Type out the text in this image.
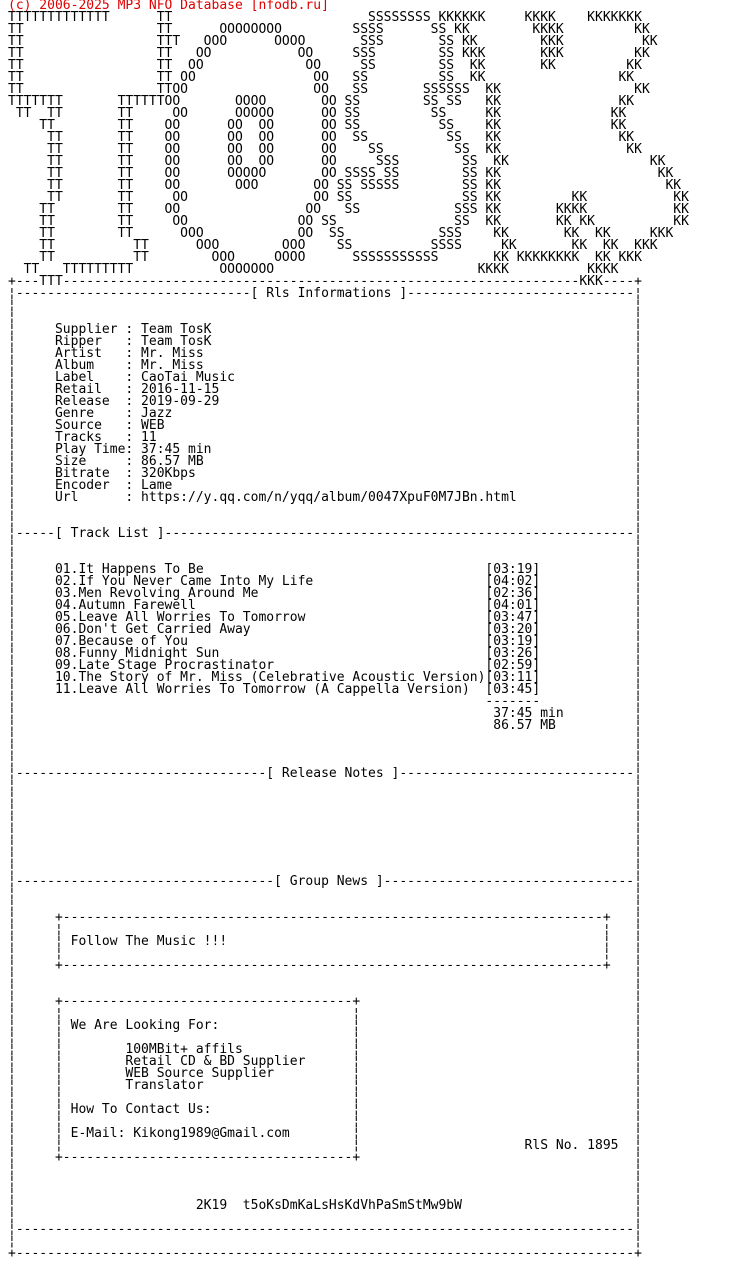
(c) 2006-2025 MP3 NFO Database [nfodb.ru]
TTTTTTTTTTTTT      TT                         SSSSSSSS KKKKKK     KKKK    KKKKKKK
TT                 TT      OOOOOOOO         SSSS      SS KK        KKKK         KK
TT                 TTT   OOO      OOOO       SSS       SS KK        KKK          KK
TT                 TT   OO           OO     SSS        SS KKK       KKK         KK
TT                 TT  OO             OO     SS        SS  KK       KK         KK
TT                 TT OO               OO   SS         SS  KK                 KK
TT                 TTOO                OO   SS       SSSSSS  KK                 KK
TTTTTTT       TTTTTTOO       OOOO       OO SS        SS SS   KK               KK
TT  TT       TT     OO      OOOOO      OO SS         SS     KK              KK
TT        TT    OO      OO  OO      OO SS          SS    KK              KK
TT       TT    OO      OO  OO      OO  SS          SS   KK               KK
TT       TT    OO      OO  OO      OO    SS         SS  KK                KK
TT       TT    OO      OO  OO      OO     SSS        SS  KK                  KK
TT       TT    OO      OOOOO       OO SSSS SS        SS KK                    KK
TT       TT    OO       OOO       OO SS SSSSS        SS KK                     KK
TT       TT     OO                OO SS              SS KK         KK           KK
TT        TT    OO                OO   SS            SSS KK       KKKK           KK
TT        TT     OO              OO SS               SS  KK       KK KK          KK
TT        TT      OOO            OO  SS            SSS    KK       KK  KK     KKK
TT          TT      OOO        OOO    SS          SSSS     KK       KK  KK  KKK
TT          TT        OOO     OOOO      SSSSSSSSSSS       KK KKKKKKKK  KK KKK
TT   TTTTTTTTT           OOOOOOO                          KKKK          KKKK
+---TTT------------------------------------------------------------------KKK----+
¦------------------------------[ Rls Informations ]-----------------------------¦
¦                                                                               ¦
¦                                                                               ¦
¦     Supplier : Team TosK                                                      ¦
¦     Ripper   : Team TosK                                                      ¦
¦     Artist   : Mr. Miss                                                       ¦
¦     Album    : Mr. Miss                                                       ¦
¦     Label    : CaoTai Music                                                   ¦
¦     Retail   : 2016-11-15                                                     ¦
¦     Release  : 2019-09-29                                                     ¦
¦     Genre    : Jazz                                                           ¦
¦     Source   : WEB                                                            ¦
¦     Tracks   : 11                                                             ¦
¦     Play Time: 37:45 min                                                      ¦
¦     Size     : 86.57 MB                                                       ¦
¦     Bitrate  : 320Kbps                                                        ¦
¦     Encoder  : Lame                                                           ¦
¦     Url      : https://y.qq.com/n/yqq/album/0047XpuF0M7JBn.html               ¦
¦                                                                               ¦
¦                                                                               ¦
¦-----[ Track List ]------------------------------------------------------------¦
¦                                                                               ¦
¦                                                                               ¦
¦     01.It Happens To Be                                    [03:19]            ¦
¦     02.If You Never Came Into My Life                      [04:02]            ¦
¦     03.Men Revolving Around Me                             [02:36]            ¦
¦     04.Autumn Farewell                                     [04:01]            ¦
¦     05.Leave All Worries To Tomorrow                       [03:47]            ¦
¦     06.Don't Get Carried Away                              [03:20]            ¦
¦     07.Because of You                                      [03:19]            ¦
¦     08.Funny Midnight Sun                                  [03:26]            ¦
¦     09.Late Stage Procrastinator                           [02:59]            ¦
¦     10.The Story of Mr. Miss (Celebrative Acoustic Version)[03:11]            ¦
¦     11.Leave All Worries To Tomorrow (A Cappella Version)  [03:45]            ¦
¦                                                            -------            ¦
¦                                                             37:45 min         ¦
¦                                                             86.57 MB          ¦
¦                                                                               ¦
¦                                                                               ¦
¦                                                                               ¦
¦--------------------------------[ Release Notes ]------------------------------¦
¦                                                                               ¦
¦                                                                               ¦
¦                                                                               ¦
¦                                                                               ¦
¦                                                                               ¦
¦                                                                               ¦
¦                                                                               ¦
¦                                                                               ¦
¦---------------------------------[ Group News ]--------------------------------¦
¦                                                                               ¦
¦                                                                               ¦
¦     +---------------------------------------------------------------------+   ¦
¦     ¦                                                                     ¦   ¦
¦     ¦ Follow The Music !!!                                                ¦   ¦
¦     ¦                                                                     ¦   ¦
¦     +---------------------------------------------------------------------+   ¦
¦                                                                               ¦
¦                                                                               ¦
¦     +-------------------------------------+                                   ¦
¦     ¦                                     ¦                                   ¦
¦     ¦ We Are Looking For:                 ¦                                   ¦
¦     ¦                                     ¦                                   ¦
¦     ¦        100MBit+ affils              ¦                                   ¦
¦     ¦        Retail CD & BD Supplier      ¦                                   ¦
¦     ¦        WEB Source Supplier          ¦                                   ¦
¦     ¦        Translator                   ¦                                   ¦
¦     ¦                                     ¦                                   ¦
¦     ¦ How To Contact Us:                  ¦                                   ¦
¦     ¦                                     ¦                                   ¦
¦     ¦ E-Mail: Kikong1989@Gmail.com        ¦                                   ¦
¦     ¦                                     ¦                     RlS No. 1895  ¦
¦     +-------------------------------------+                                   ¦
¦                                                                               ¦
¦                                                                               ¦
¦                                                                               ¦
¦                       2K19  t5oKsDmKaLsHsKdVhPaSmStMw9bW                      ¦
¦                                                                               ¦
¦-------------------------------------------------------------------------------¦
¦                                                                               ¦
+-------------------------------------------------------------------------------+
